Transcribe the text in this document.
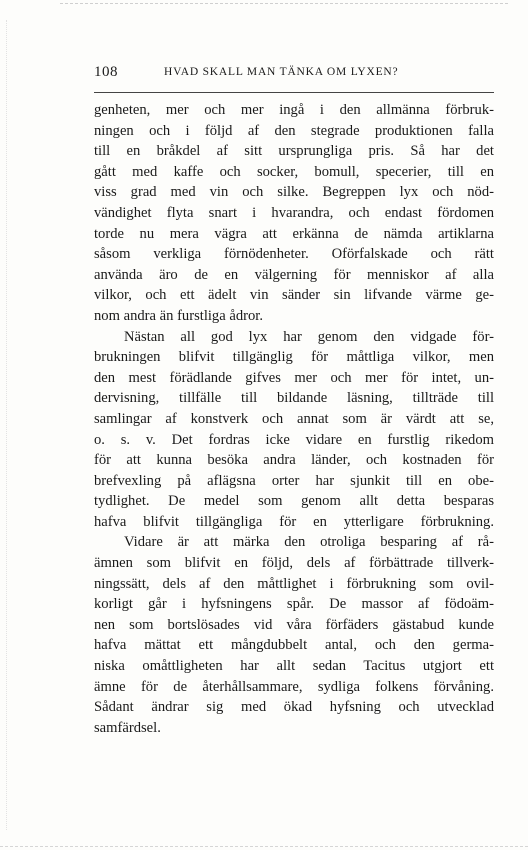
108	HVAD SKALL MAN TÄNKA OM LYXEN?
genheten, mer och mer ingå i den allmänna förbruk-
ningen och i följd af den stegrade produktionen falla
till en bråkdel af sitt ursprungliga pris. Så har det
gått med kaffe och socker, bomull, specerier, till en
viss grad med vin och silke. Begreppen lyx och nöd-
vändighet flyta snart i hvarandra, och endast fördomen
torde nu mera vägra att erkänna de nämda artiklarna
såsom verkliga förnödenheter. Oförfalskade och rätt
använda äro de en välgerning för menniskor af alla
vilkor, och ett ädelt vin sänder sin lifvande värme ge-
nom andra än furstliga ådror.
Nästan all god lyx har genom den vidgade för-
brukningen blifvit tillgänglig för måttliga vilkor, men
den mest förädlande gifves mer och mer för intet, un-
dervisning, tillfälle till bildande läsning, tillträde till
samlingar af konstverk och annat som är värdt att se,
o. s. v. Det fordras icke vidare en furstlig rikedom
för att kunna besöka andra länder, och kostnaden för
brefvexling på aflägsna orter har sjunkit till en obe-
tydlighet. De medel som genom allt detta besparas
hafva blifvit tillgängliga för en ytterligare förbrukning.
Vidare är att märka den otroliga besparing af rå-
ämnen som blifvit en följd, dels af förbättrade tillverk-
ningssätt, dels af den måttlighet i förbrukning som ovil-
korligt går i hyfsningens spår. De massor af födoäm-
nen som bortslösades vid våra förfäders gästabud kunde
hafva mättat ett mångdubbelt antal, och den germa-
niska omåttligheten har allt sedan Tacitus utgjort ett
ämne för de återhållsammare, sydliga folkens förvåning.
Sådant ändrar sig med ökad hyfsning och utvecklad
samfärdsel.
